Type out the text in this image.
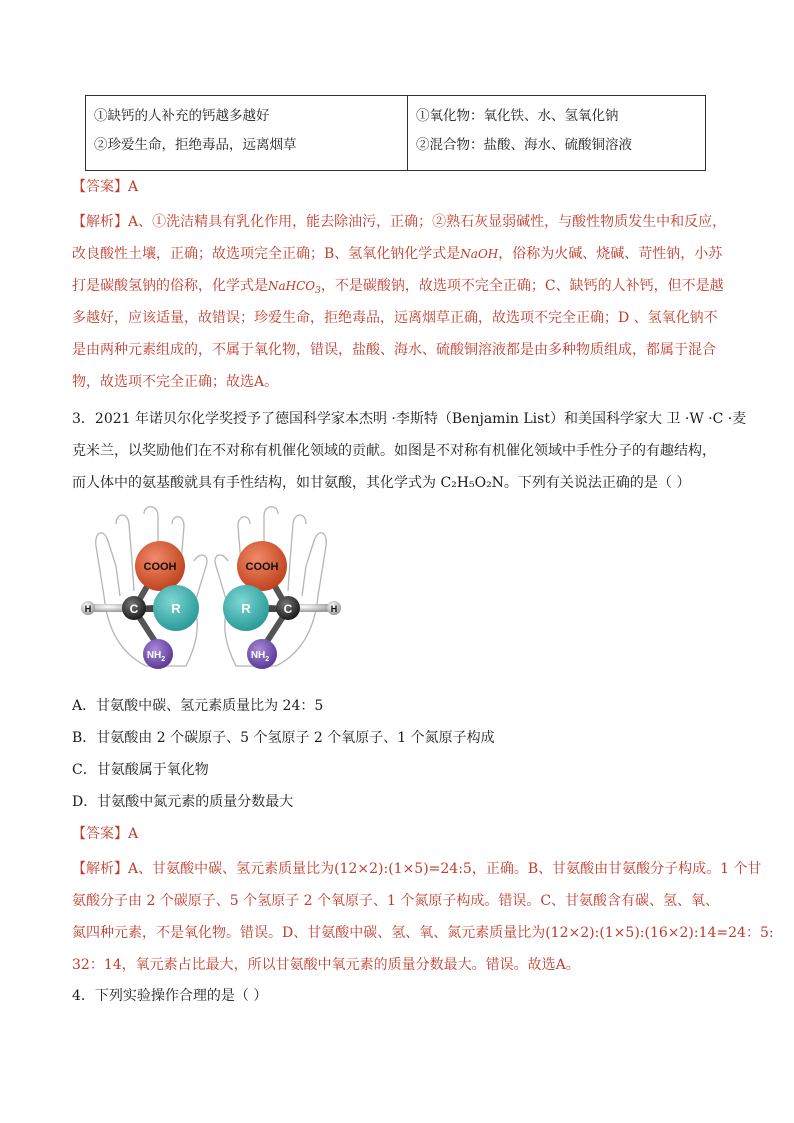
①缺钙的人补充的钙越多越好
②珍爱生命，拒绝毒品，远离烟草

①氧化物：氧化铁、水、氢氧化钠
②混合物：盐酸、海水、硫酸铜溶液
【答案】A
【解析】A、①洗洁精具有乳化作用，能去除油污，正确；②熟石灰显弱碱性，与酸性物质发生中和反应，
改良酸性土壤，正确；故选项完全正确；B、氢氧化钠化学式是NaOH，俗称为火碱、烧碱、苛性钠，小苏
打是碳酸氢钠的俗称，化学式是NaHCO$_3$，不是碳酸钠，故选项不完全正确；C、缺钙的人补钙，但不是越
多越好，应该适量，故错误；珍爱生命，拒绝毒品，远离烟草正确，故选项不完全正确；D 、氢氧化钠不
是由两种元素组成的，不属于氧化物，错误，盐酸、海水、硫酸铜溶液都是由多种物质组成，都属于混合
物，故选项不完全正确；故选A。
3．2021 年诺贝尔化学奖授予了德国科学家本杰明 ·李斯特（Benjamin List）和美国科学家大 卫 ·W ·C ·麦
克米兰，以奖励他们在不对称有机催化领域的贡献。如图是不对称有机催化领域中手性分子的有趣结构，
而人体中的氨基酸就具有手性结构，如甘氨酸，其化学式为 C₂H₅O₂N。下列有关说法正确的是（ ）
COOH
R
H	C
$NH_2$
COOH
R	H
C
$NH_2$
A．甘氨酸中碳、氢元素质量比为 24：5
B．甘氨酸由 2 个碳原子、5 个氢原子 2 个氧原子、1 个氮原子构成
C．甘氨酸属于氧化物
D．甘氨酸中氮元素的质量分数最大
【答案】A
【解析】A、甘氨酸中碳、氢元素质量比为(12×2):(1×5)=24:5，正确。B、甘氨酸由甘氨酸分子构成。1 个甘
氨酸分子由 2 个碳原子、5 个氢原子 2 个氧原子、1 个氮原子构成。错误。C、甘氨酸含有碳、氢、氧、
氮四种元素，不是氧化物。错误。D、甘氨酸中碳、氢、氧、氮元素质量比为(12×2):(1×5):(16×2):14=24：5:
32：14，氧元素占比最大，所以甘氨酸中氧元素的质量分数最大。错误。故选A。
4．下列实验操作合理的是（ ）
